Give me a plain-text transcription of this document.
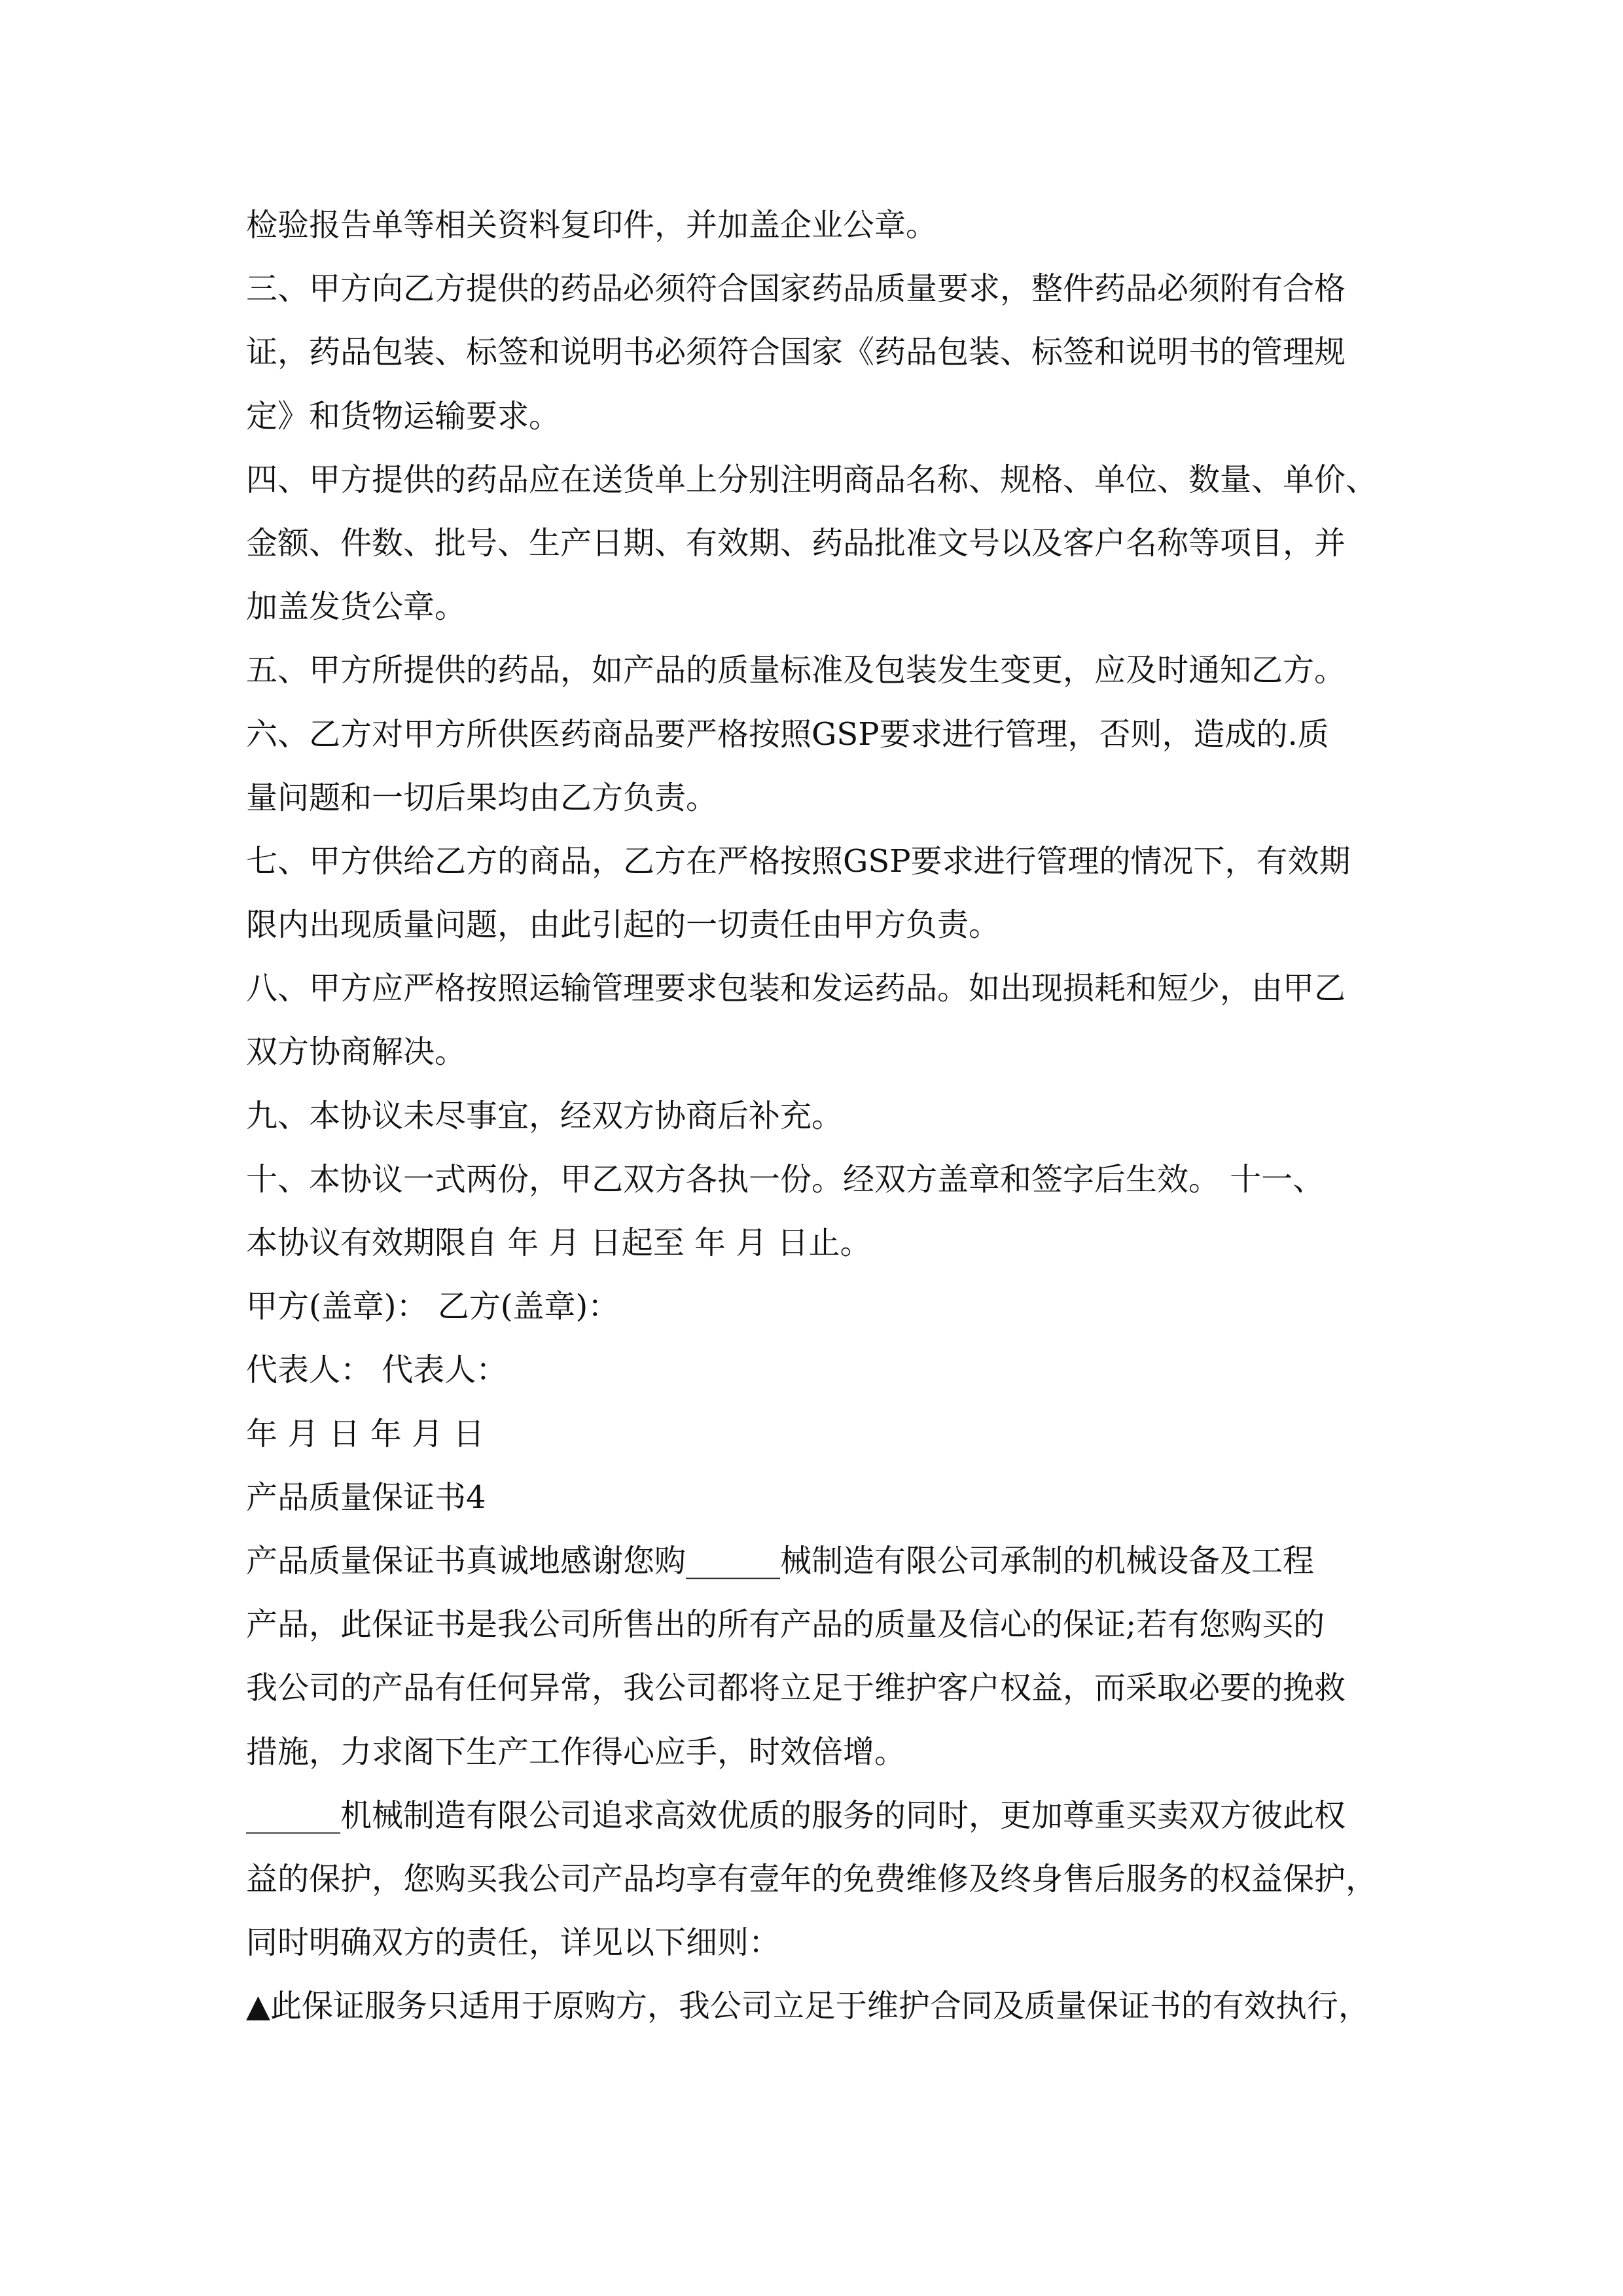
检验报告单等相关资料复印件，并加盖企业公章。
三、甲方向乙方提供的药品必须符合国家药品质量要求，整件药品必须附有合格
证，药品包装、标签和说明书必须符合国家《药品包装、标签和说明书的管理规
定》和货物运输要求。
四、甲方提供的药品应在送货单上分别注明商品名称、规格、单位、数量、单价、
金额、件数、批号、生产日期、有效期、药品批准文号以及客户名称等项目，并
加盖发货公章。
五、甲方所提供的药品，如产品的质量标准及包装发生变更，应及时通知乙方。
六、乙方对甲方所供医药商品要严格按照GSP要求进行管理，否则，造成的.质
量问题和一切后果均由乙方负责。
七、甲方供给乙方的商品，乙方在严格按照GSP要求进行管理的情况下，有效期
限内出现质量问题，由此引起的一切责任由甲方负责。
八、甲方应严格按照运输管理要求包装和发运药品。如出现损耗和短少，由甲乙
双方协商解决。
九、本协议未尽事宜，经双方协商后补充。
十、本协议一式两份，甲乙双方各执一份。经双方盖章和签字后生效。 十一、
本协议有效期限自 年 月 日起至 年 月 日止。
甲方(盖章)： 乙方(盖章)：
代表人： 代表人：
年 月 日 年 月 日
产品质量保证书4
产品质量保证书真诚地感谢您购______械制造有限公司承制的机械设备及工程
产品，此保证书是我公司所售出的所有产品的质量及信心的保证;若有您购买的
我公司的产品有任何异常，我公司都将立足于维护客户权益，而采取必要的挽救
措施，力求阁下生产工作得心应手，时效倍增。
______机械制造有限公司追求高效优质的服务的同时，更加尊重买卖双方彼此权
益的保护，您购买我公司产品均享有壹年的免费维修及终身售后服务的权益保护，
同时明确双方的责任，详见以下细则：
▲此保证服务只适用于原购方，我公司立足于维护合同及质量保证书的有效执行，
